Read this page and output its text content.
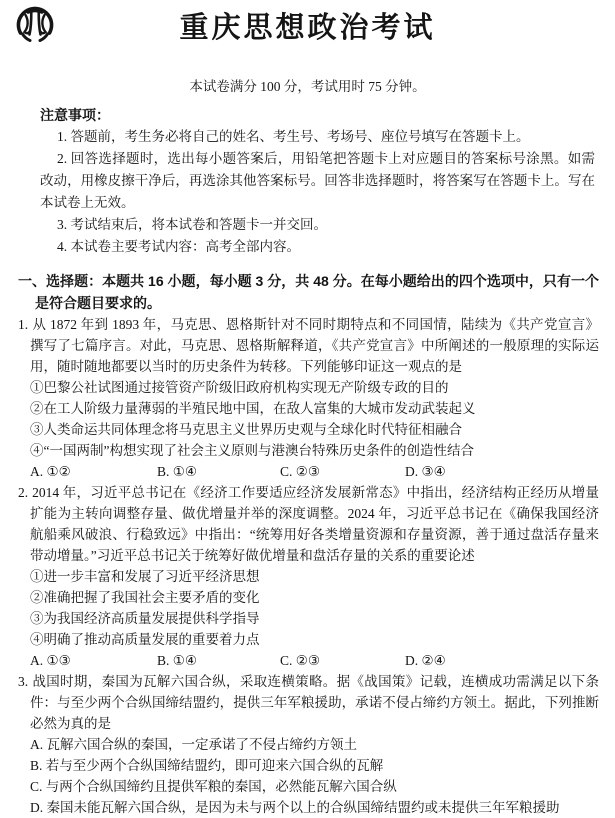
重庆思想政治考试

本试卷满分 100 分，考试用时 75 分钟。

注意事项：

1. 答题前，考生务必将自己的姓名、考生号、考场号、座位号填写在答题卡上。

2. 回答选择题时，选出每小题答案后，用铅笔把答题卡上对应题目的答案标号涂黑。如需改动，用橡皮擦干净后，再选涂其他答案标号。回答非选择题时，将答案写在答题卡上。写在本试卷上无效。

3. 考试结束后，将本试卷和答题卡一并交回。

4. 本试卷主要考试内容：高考全部内容。

一、选择题：本题共 16 小题，每小题 3 分，共 48 分。在每小题给出的四个选项中，只有一个是符合题目要求的。

1. 从 1872 年到 1893 年，马克思、恩格斯针对不同时期特点和不同国情，陆续为《共产党宣言》撰写了七篇序言。对此，马克思、恩格斯解释道，《共产党宣言》中所阐述的一般原理的实际运用，随时随地都要以当时的历史条件为转移。下列能够印证这一观点的是

①巴黎公社试图通过接管资产阶级旧政府机构实现无产阶级专政的目的

②在工人阶级力量薄弱的半殖民地中国，在敌人富集的大城市发动武装起义

③人类命运共同体理念将马克思主义世界历史观与全球化时代特征相融合

④“一国两制”构想实现了社会主义原则与港澳台特殊历史条件的创造性结合

A. ①②	B. ①④	C. ②③	D. ③④

2. 2014 年，习近平总书记在《经济工作要适应经济发展新常态》中指出，经济结构正经历从增量扩能为主转向调整存量、做优增量并举的深度调整。2024 年，习近平总书记在《确保我国经济航船乘风破浪、行稳致远》中指出：“统筹用好各类增量资源和存量资源，善于通过盘活存量来带动增量。”习近平总书记关于统筹好做优增量和盘活存量的关系的重要论述

①进一步丰富和发展了习近平经济思想

②准确把握了我国社会主要矛盾的变化

③为我国经济高质量发展提供科学指导

④明确了推动高质量发展的重要着力点

A. ①③	B. ①④	C. ②③	D. ②④

3. 战国时期，秦国为瓦解六国合纵，采取连横策略。据《战国策》记载，连横成功需满足以下条件：与至少两个合纵国缔结盟约，提供三年军粮援助，承诺不侵占缔约方领土。据此，下列推断必然为真的是

A. 瓦解六国合纵的秦国，一定承诺了不侵占缔约方领土

B. 若与至少两个合纵国缔结盟约，即可迎来六国合纵的瓦解

C. 与两个合纵国缔约且提供军粮的秦国，必然能瓦解六国合纵

D. 秦国未能瓦解六国合纵，是因为未与两个以上的合纵国缔结盟约或未提供三年军粮援助
